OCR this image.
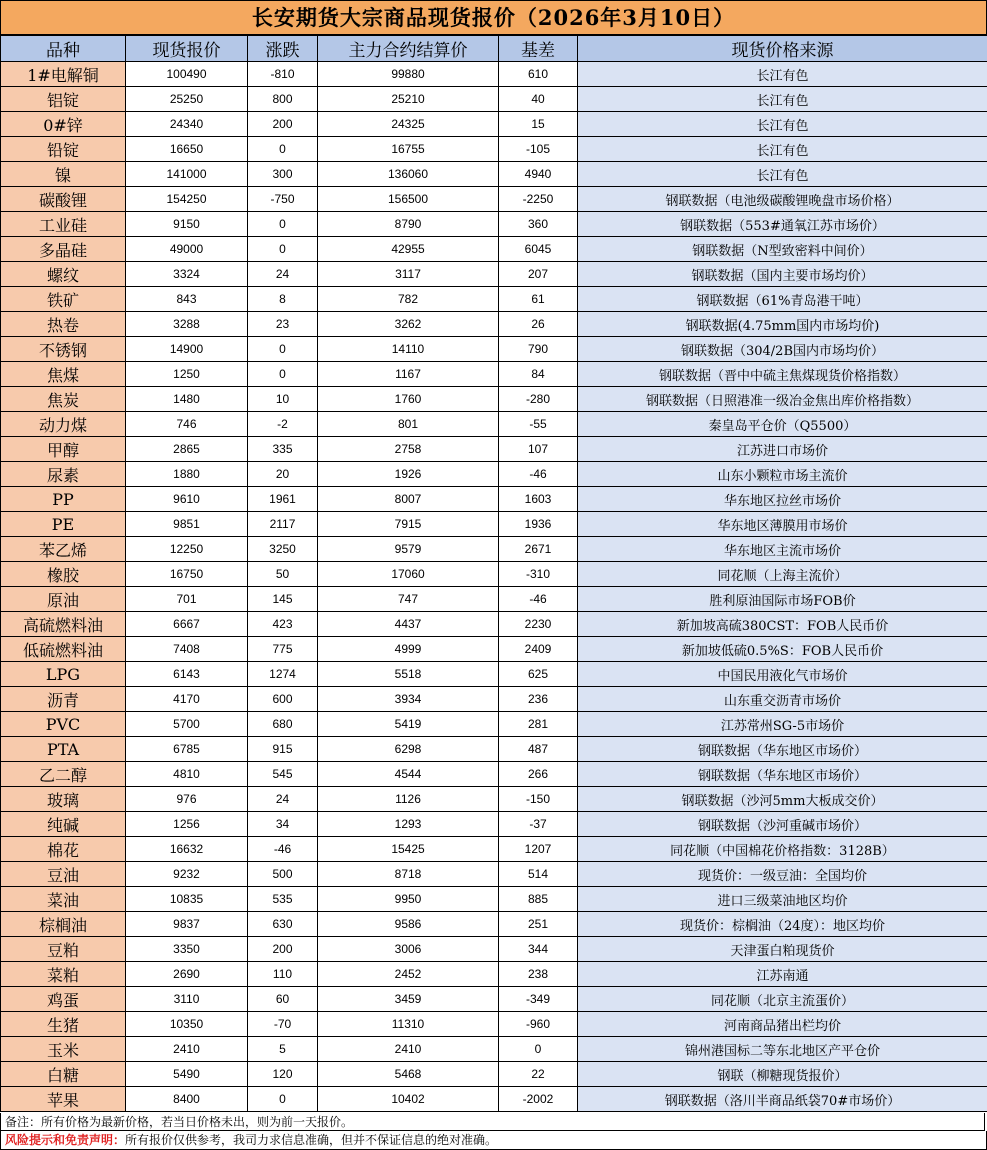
长安期货大宗商品现货报价（2026年3月10日）
品种	现货报价	涨跌	主力合约结算价	基差	现货价格来源
1#电解铜	100490	-810	99880	610	长江有色
铝锭	25250	800	25210	40	长江有色
0#锌	24340	200	24325	15	长江有色
铅锭	16650	0	16755	-105	长江有色
镍	141000	300	136060	4940	长江有色
碳酸锂	154250	-750	156500	-2250	钢联数据（电池级碳酸锂晚盘市场价格）
工业硅	9150	0	8790	360	钢联数据（553#通氧江苏市场价）
多晶硅	49000	0	42955	6045	钢联数据（N型致密料中间价）
螺纹	3324	24	3117	207	钢联数据（国内主要市场均价）
铁矿	843	8	782	61	钢联数据（61%青岛港干吨）
热卷	3288	23	3262	26	钢联数据(4.75mm国内市场均价)
不锈钢	14900	0	14110	790	钢联数据（304/2B国内市场均价）
焦煤	1250	0	1167	84	钢联数据（晋中中硫主焦煤现货价格指数）
焦炭	1480	10	1760	-280	钢联数据（日照港准一级冶金焦出库价格指数）
动力煤	746	-2	801	-55	秦皇岛平仓价（Q5500）
甲醇	2865	335	2758	107	江苏进口市场价
尿素	1880	20	1926	-46	山东小颗粒市场主流价
PP	9610	1961	8007	1603	华东地区拉丝市场价
PE	9851	2117	7915	1936	华东地区薄膜用市场价
苯乙烯	12250	3250	9579	2671	华东地区主流市场价
橡胶	16750	50	17060	-310	同花顺（上海主流价）
原油	701	145	747	-46	胜利原油国际市场FOB价
高硫燃料油	6667	423	4437	2230	新加坡高硫380CST：FOB人民币价
低硫燃料油	7408	775	4999	2409	新加坡低硫0.5%S：FOB人民币价
LPG	6143	1274	5518	625	中国民用液化气市场价
沥青	4170	600	3934	236	山东重交沥青市场价
PVC	5700	680	5419	281	江苏常州SG-5市场价
PTA	6785	915	6298	487	钢联数据（华东地区市场价）
乙二醇	4810	545	4544	266	钢联数据（华东地区市场价）
玻璃	976	24	1126	-150	钢联数据（沙河5mm大板成交价）
纯碱	1256	34	1293	-37	钢联数据（沙河重碱市场价）
棉花	16632	-46	15425	1207	同花顺（中国棉花价格指数：3128B）
豆油	9232	500	8718	514	现货价：一级豆油：全国均价
菜油	10835	535	9950	885	进口三级菜油地区均价
棕榈油	9837	630	9586	251	现货价：棕榈油（24度）：地区均价
豆粕	3350	200	3006	344	天津蛋白粕现货价
菜粕	2690	110	2452	238	江苏南通
鸡蛋	3110	60	3459	-349	同花顺（北京主流蛋价）
生猪	10350	-70	11310	-960	河南商品猪出栏均价
玉米	2410	5	2410	0	锦州港国标二等东北地区产平仓价
白糖	5490	120	5468	22	钢联（柳糖现货报价）
苹果	8400	0	10402	-2002	钢联数据（洛川半商品纸袋70#市场价）
备注：所有价格为最新价格，若当日价格未出，则为前一天报价。
风险提示和免责声明：所有报价仅供参考，我司力求信息准确，但并不保证信息的绝对准确。
